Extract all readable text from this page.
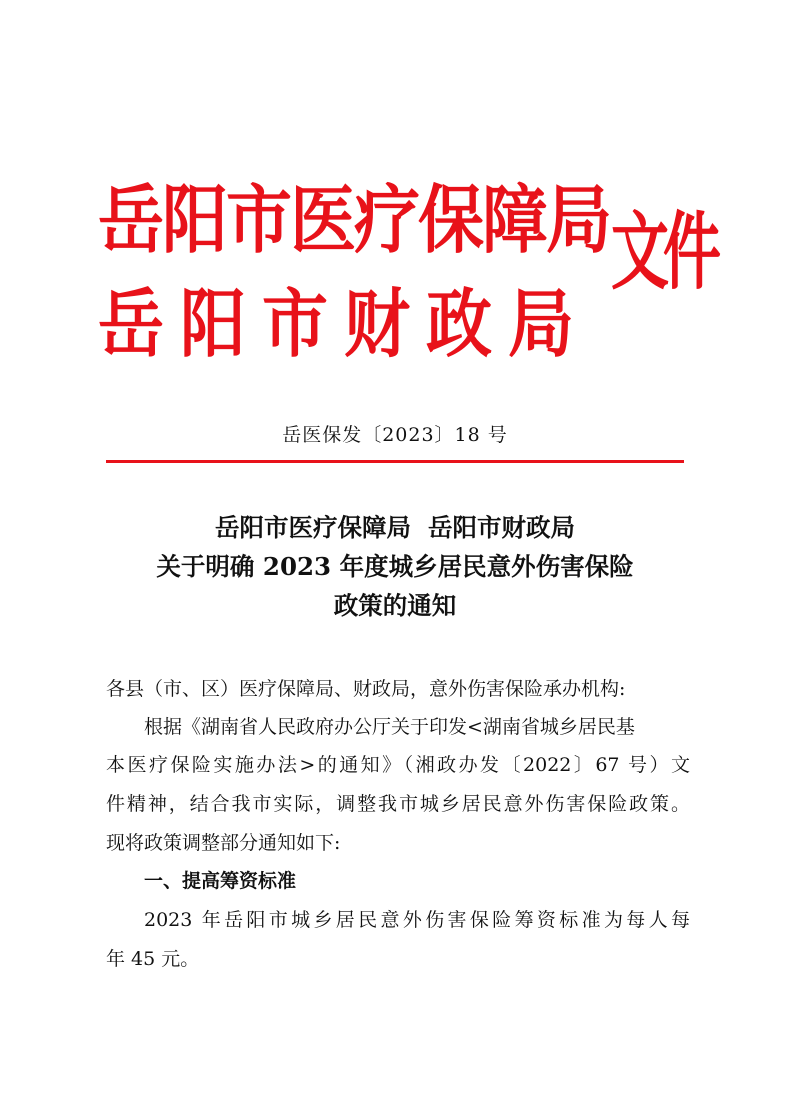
岳阳市医疗保障局
岳阳市财政局
文件
岳医保发〔2023〕18 号
岳阳市医疗保障局  岳阳市财政局
关于明确 2023 年度城乡居民意外伤害保险
政策的通知
各县（市、区）医疗保障局、财政局，意外伤害保险承办机构:
根据《湖南省人民政府办公厅关于印发<湖南省城乡居民基
本医疗保险实施办法>的通知》（湘政办发〔2022〕67 号）文
件精神，结合我市实际，调整我市城乡居民意外伤害保险政策。
现将政策调整部分通知如下:
一、提高筹资标准
2023 年岳阳市城乡居民意外伤害保险筹资标准为每人每
年 45 元。
